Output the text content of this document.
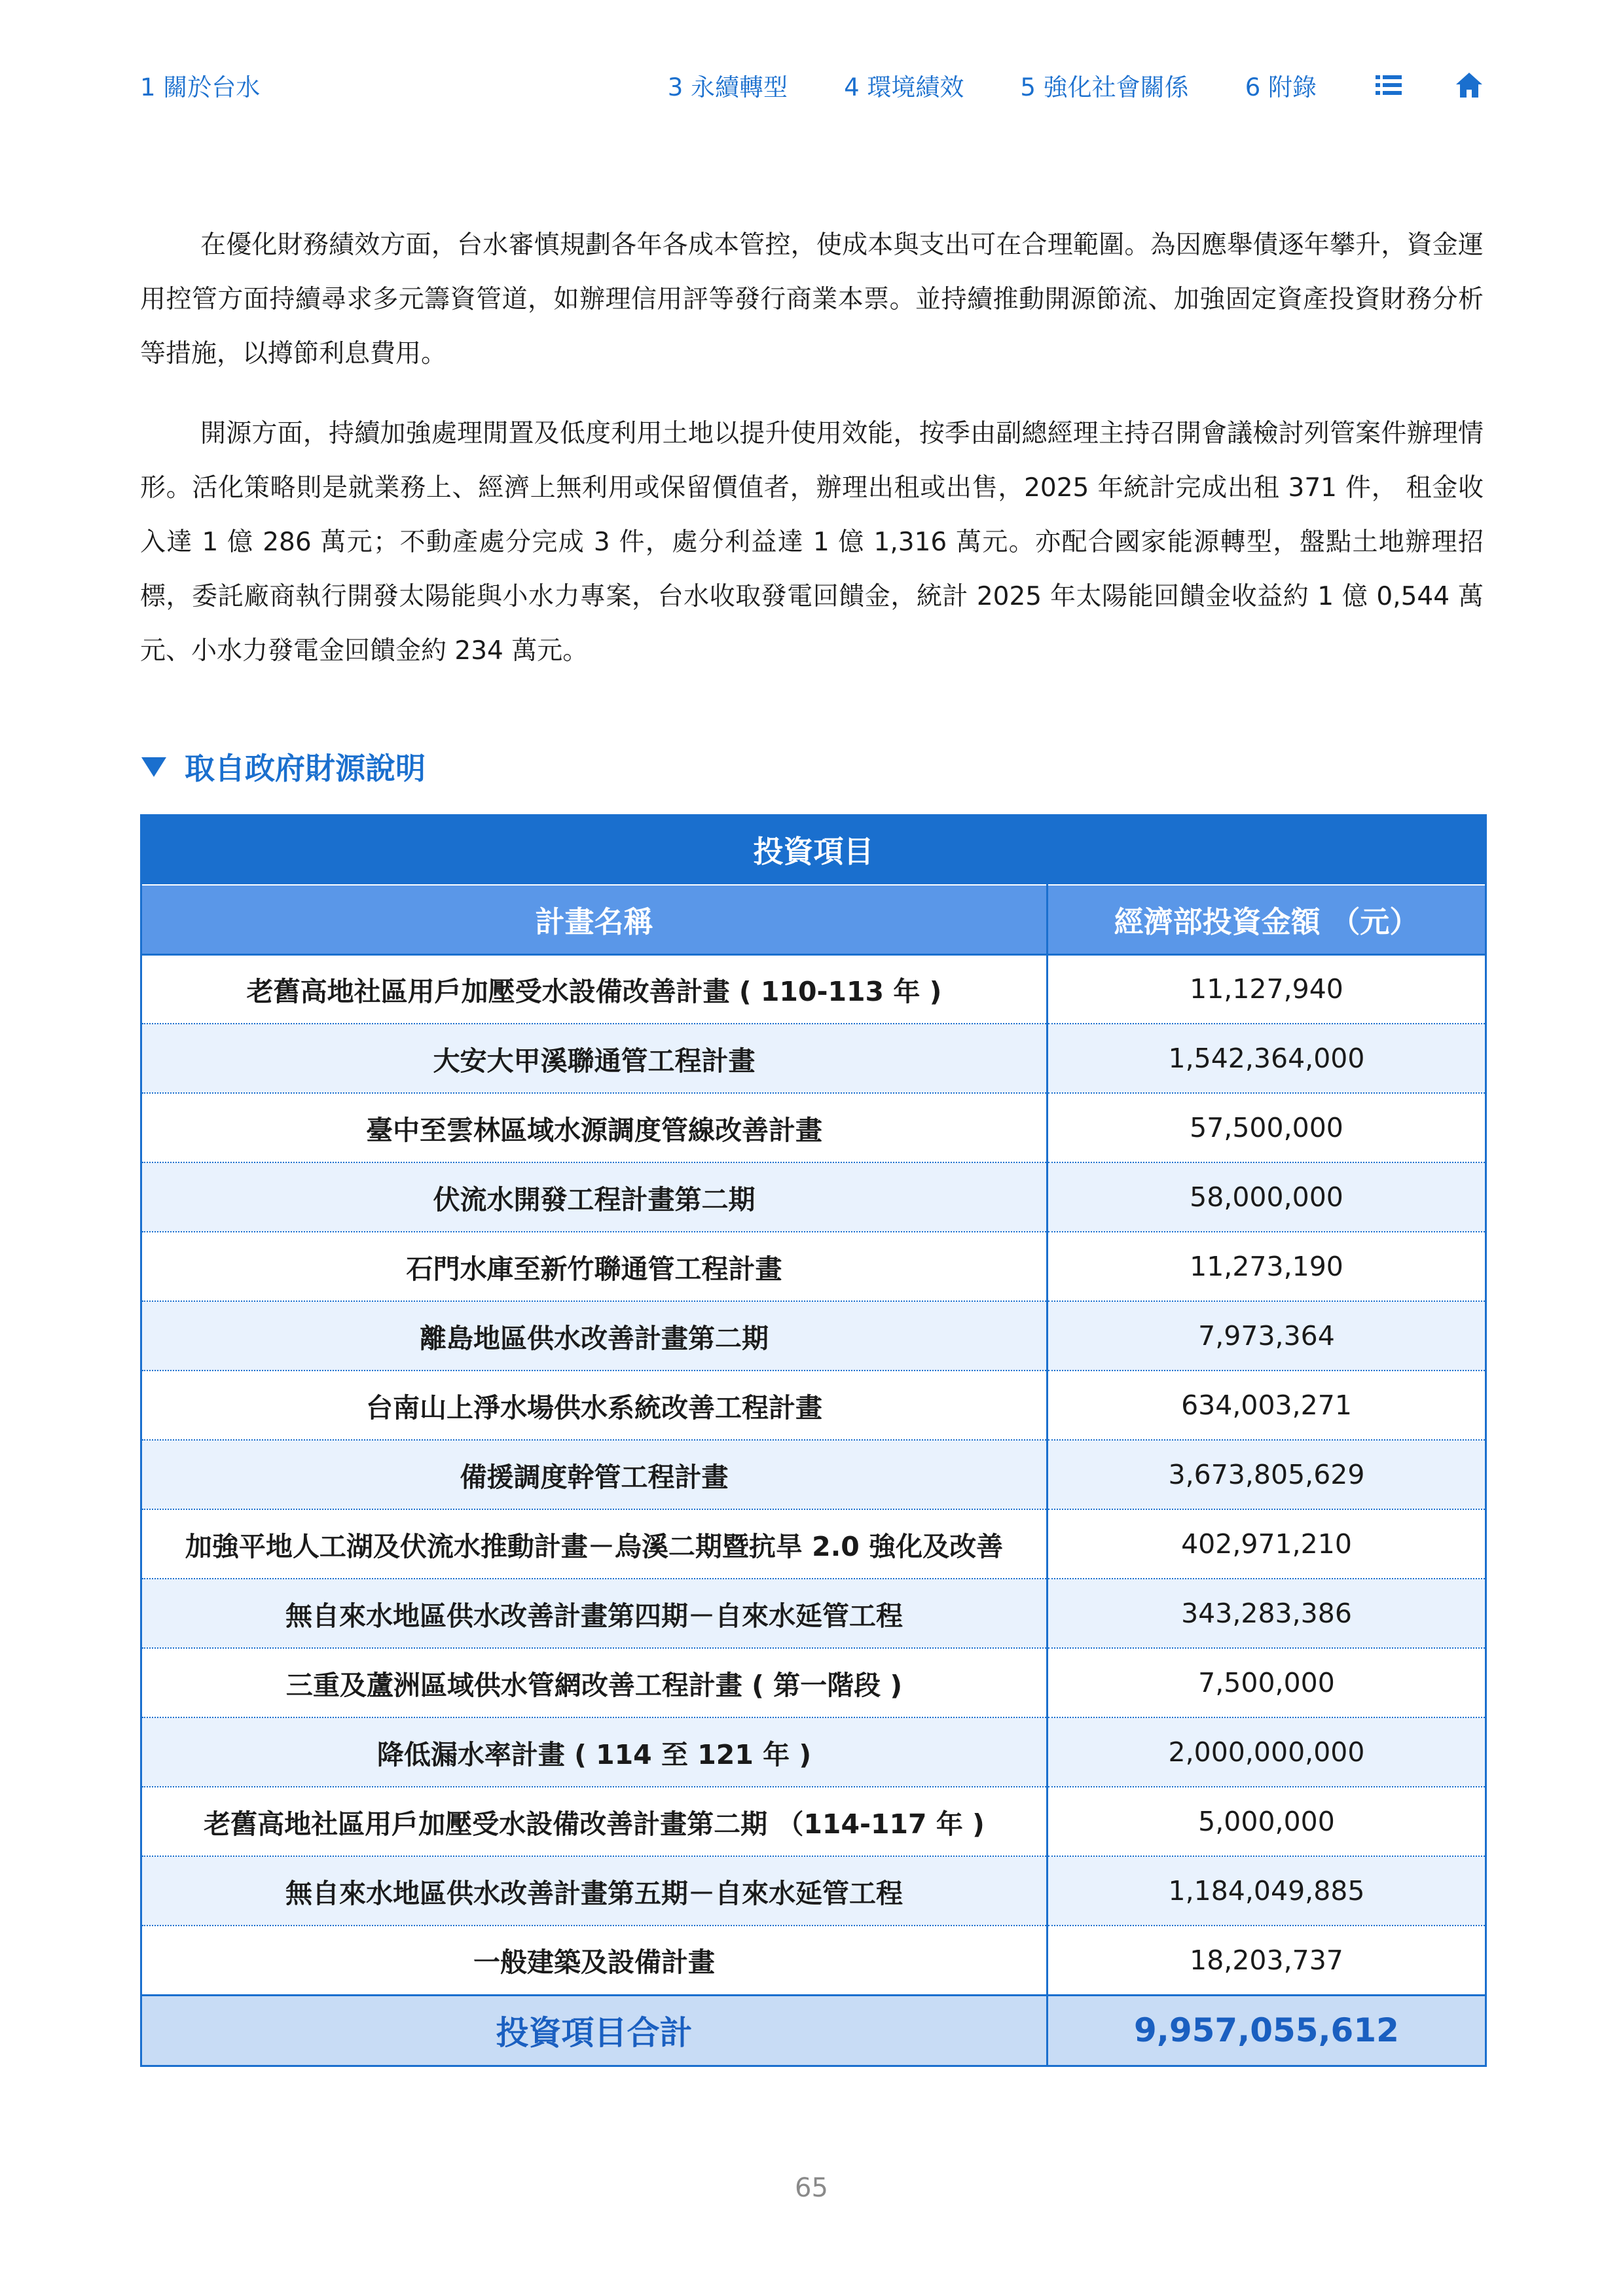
1 關於台水	3 永續轉型 4 環境績效 5 強化社會關係 6 附錄

在優化財務績效方面，台水審慎規劃各年各成本管控，使成本與支出可在合理範圍。為因應舉債逐年攀升，資金運用控管方面持續尋求多元籌資管道，如辦理信用評等發行商業本票。並持續推動開源節流、加強固定資產投資財務分析等措施，以撙節利息費用。

開源方面，持續加強處理閒置及低度利用土地以提升使用效能，按季由副總經理主持召開會議檢討列管案件辦理情形。活化策略則是就業務上、經濟上無利用或保留價值者，辦理出租或出售，2025 年統計完成出租 371 件， 租金收入達 1 億 286 萬元；不動產處分完成 3 件，處分利益達 1 億 1,316 萬元。亦配合國家能源轉型，盤點土地辦理招標，委託廠商執行開發太陽能與小水力專案，台水收取發電回饋金，統計 2025 年太陽能回饋金收益約 1 億 0,544 萬元、小水力發電金回饋金約 234 萬元。

取自政府財源說明
投資項目	
計畫名稱	經濟部投資金額 （元）
老舊高地社區用戶加壓受水設備改善計畫 ( 110-113 年 )	11,127,940
大安大甲溪聯通管工程計畫	1,542,364,000
臺中至雲林區域水源調度管線改善計畫	57,500,000
伏流水開發工程計畫第二期	58,000,000
石門水庫至新竹聯通管工程計畫	11,273,190
離島地區供水改善計畫第二期	7,973,364
台南山上淨水場供水系統改善工程計畫	634,003,271
備援調度幹管工程計畫	3,673,805,629
加強平地人工湖及伏流水推動計畫－烏溪二期暨抗旱 2.0 強化及改善	402,971,210
無自來水地區供水改善計畫第四期－自來水延管工程	343,283,386
三重及蘆洲區域供水管網改善工程計畫 ( 第一階段 )	7,500,000
降低漏水率計畫 ( 114 至 121 年 )	2,000,000,000
老舊高地社區用戶加壓受水設備改善計畫第二期 （114-117 年 )	5,000,000
無自來水地區供水改善計畫第五期－自來水延管工程	1,184,049,885
一般建築及設備計畫	18,203,737
投資項目合計	9,957,055,612
65
